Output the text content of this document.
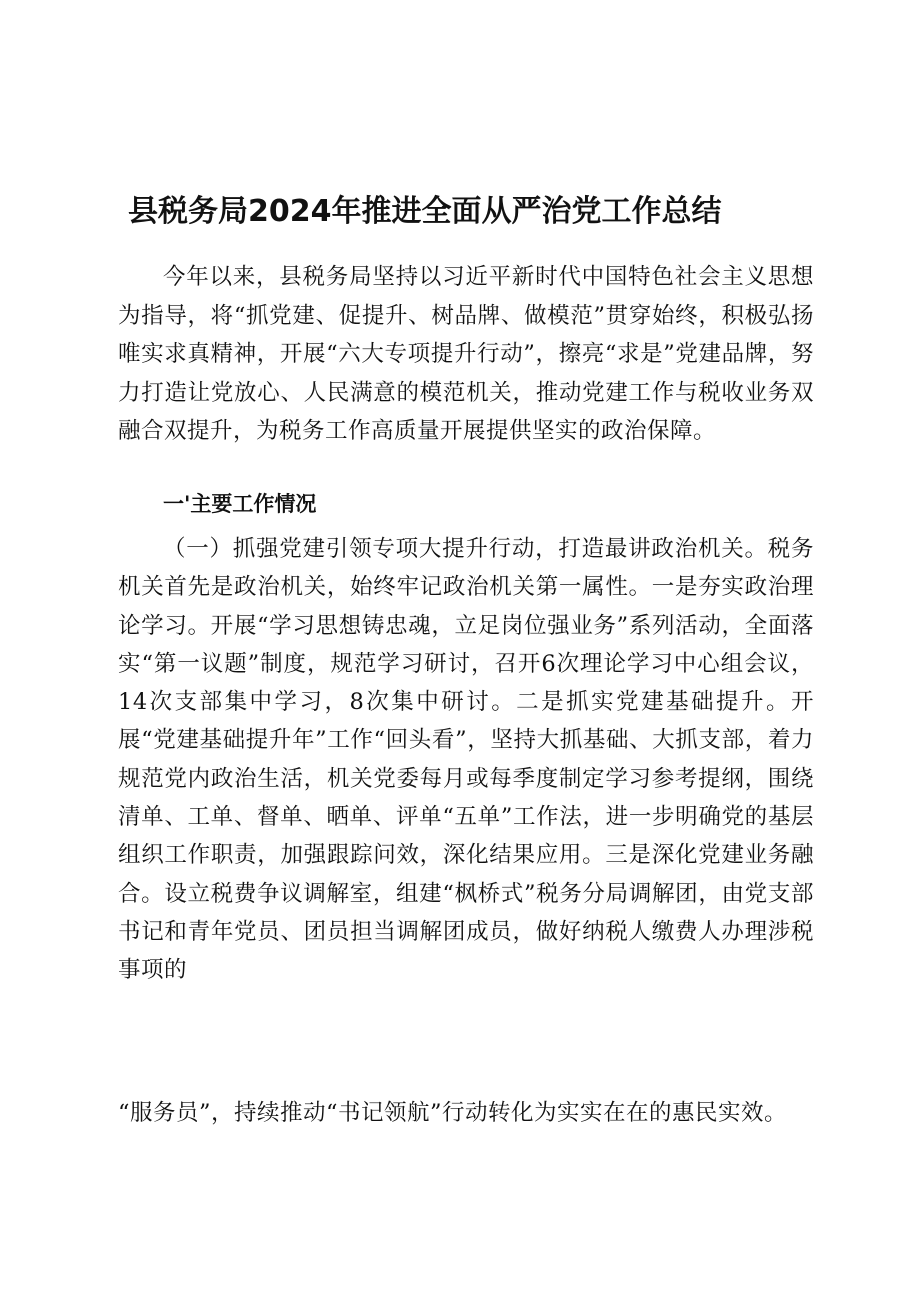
县税务局2024年推进全面从严治党工作总结

今年以来，县税务局坚持以习近平新时代中国特色社会主义思想为指导，将“抓党建、促提升、树品牌、做模范”贯穿始终，积极弘扬唯实求真精神，开展“六大专项提升行动”，擦亮“求是”党建品牌，努力打造让党放心、人民满意的模范机关，推动党建工作与税收业务双融合双提升，为税务工作高质量开展提供坚实的政治保障。

一'主要工作情况

（一）抓强党建引领专项大提升行动，打造最讲政治机关。税务机关首先是政治机关，始终牢记政治机关第一属性。一是夯实政治理论学习。开展“学习思想铸忠魂，立足岗位强业务”系列活动，全面落实“第一议题”制度，规范学习研讨，召开6次理论学习中心组会议，14次支部集中学习，8次集中研讨。二是抓实党建基础提升。开展“党建基础提升年”工作“回头看”，坚持大抓基础、大抓支部，着力规范党内政治生活，机关党委每月或每季度制定学习参考提纲，围绕清单、工单、督单、晒单、评单“五单”工作法，进一步明确党的基层组织工作职责，加强跟踪问效，深化结果应用。三是深化党建业务融合。设立税费争议调解室，组建“枫桥式”税务分局调解团，由党支部书记和青年党员、团员担当调解团成员，做好纳税人缴费人办理涉税事项的

“服务员”，持续推动“书记领航”行动转化为实实在在的惠民实效。
